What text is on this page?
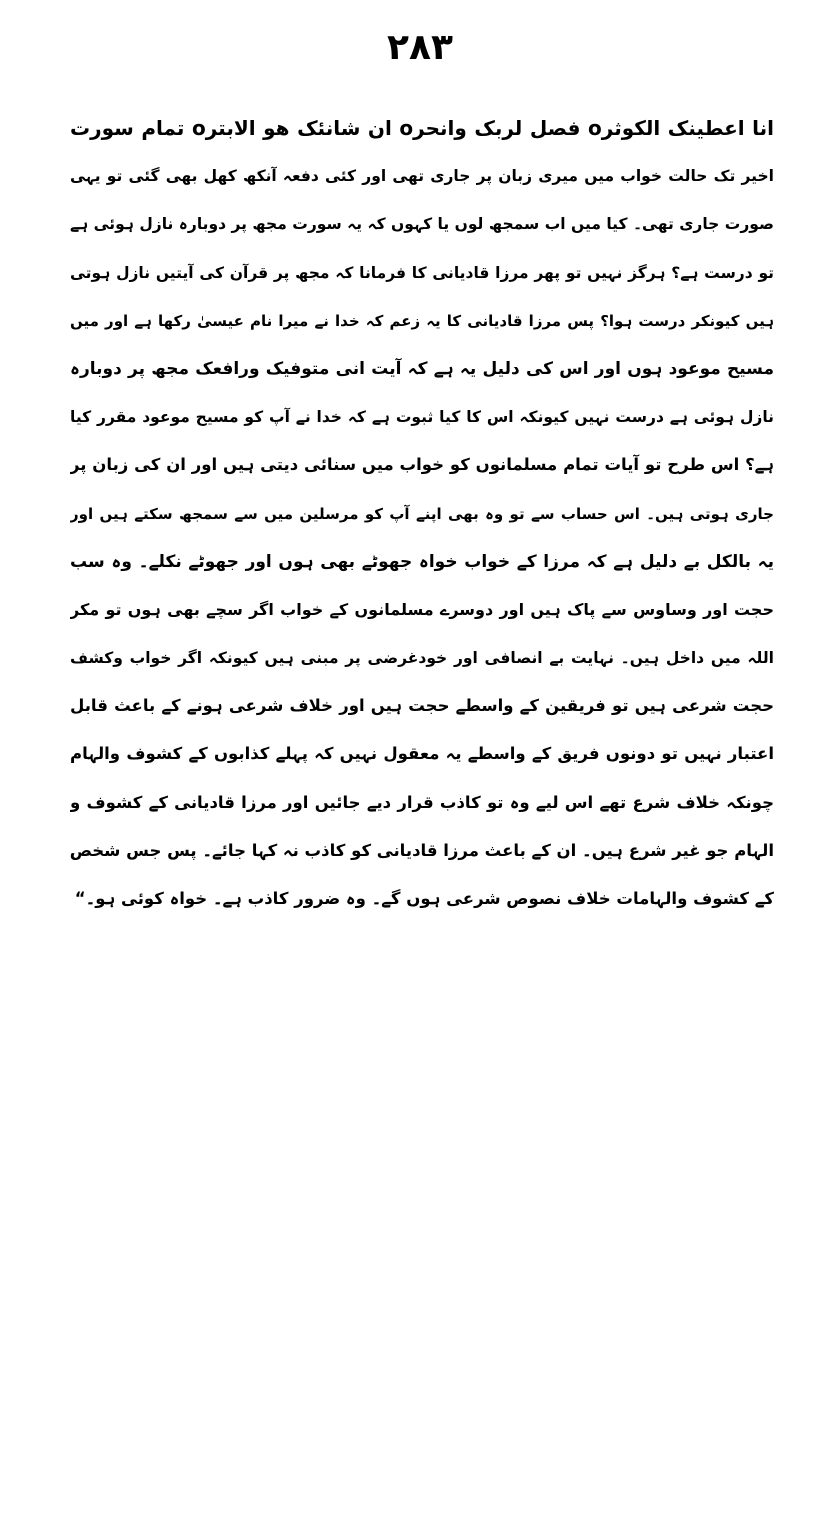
۲۸۳
انا اعطینک الکوثرo فصل لربک وانحرo ان شانئک ھو الابترo تمام سورت
اخیر تک حالت خواب میں میری زبان پر جاری تھی اور کئی دفعہ آنکھ کھل بھی گئی تو یہی
صورت جاری تھی۔ کیا میں اب سمجھ لوں یا کہوں کہ یہ سورت مجھ پر دوبارہ نازل ہوئی ہے
تو درست ہے؟ ہرگز نہیں تو پھر مرزا قادیانی کا فرمانا کہ مجھ پر قرآن کی آیتیں نازل ہوتی
ہیں کیونکر درست ہوا؟ پس مرزا قادیانی کا یہ زعم کہ خدا نے میرا نام عیسیٰ رکھا ہے اور میں
مسیح موعود ہوں اور اس کی دلیل یہ ہے کہ آیت انی متوفیک ورافعک مجھ پر دوبارہ
نازل ہوئی ہے درست نہیں کیونکہ اس کا کیا ثبوت ہے کہ خدا نے آپ کو مسیح موعود مقرر کیا
ہے؟ اس طرح تو آیات تمام مسلمانوں کو خواب میں سنائی دیتی ہیں اور ان کی زبان پر
جاری ہوتی ہیں۔ اس حساب سے تو وہ بھی اپنے آپ کو مرسلین میں سے سمجھ سکتے ہیں اور
یہ بالکل بے دلیل ہے کہ مرزا کے خواب خواہ جھوٹے بھی ہوں اور جھوٹے نکلے۔ وہ سب
حجت اور وساوس سے پاک ہیں اور دوسرے مسلمانوں کے خواب اگر سچے بھی ہوں تو مکر
اللہ میں داخل ہیں۔ نہایت بے انصافی اور خودغرضی پر مبنی ہیں کیونکہ اگر خواب وکشف
حجت شرعی ہیں تو فریقین کے واسطے حجت ہیں اور خلاف شرعی ہونے کے باعث قابل
اعتبار نہیں تو دونوں فریق کے واسطے یہ معقول نہیں کہ پہلے کذابوں کے کشوف والہام
چونکہ خلاف شرع تھے اس لیے وہ تو کاذب قرار دیے جائیں اور مرزا قادیانی کے کشوف و
الہام جو غیر شرع ہیں۔ ان کے باعث مرزا قادیانی کو کاذب نہ کہا جائے۔ پس جس شخص
کے کشوف والہامات خلاف نصوص شرعی ہوں گے۔ وہ ضرور کاذب ہے۔ خواہ کوئی ہو۔“
